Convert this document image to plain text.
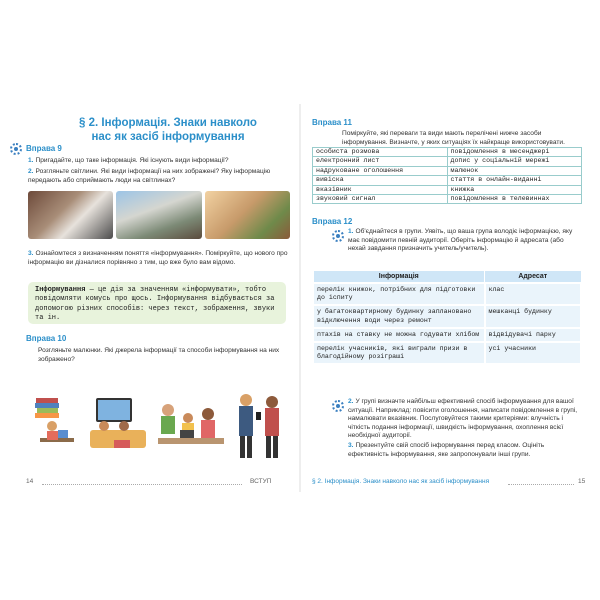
§ 2. Інформація. Знаки навколо нас як засіб інформування
Вправа 9
1. Пригадайте, що таке інформація. Які існують види інформації?
2. Розгляньте світлини. Які види інформації на них зображені? Яку інформацію передають або сприймають люди на світлинах?
3. Ознайомтеся з визначенням поняття «інформування». Поміркуйте, що нового про інформацію ви дізналися порівняно з тим, що вже було вам відомо.
Інформування — це дія за значенням «інформувати», тобто повідомляти комусь про щось. Інформування відбувається за допомогою різних способів: через текст, зображення, звуки та ін.
Вправа 10
Розгляньте малюнки. Які джерела інформації та способи інформування на них зображено?
14	ВСТУП
Вправа 11
Поміркуйте, які переваги та види мають перелічені нижче засоби інформування. Визначте, у яких ситуаціях їх найкраще використовувати.
особиста розмова	повідомлення в месенджері
електронний лист	допис у соціальній мережі
надруковане оголошення	малюнок
вивіска	стаття в онлайн-виданні
вказівник	книжка
звуковий сигнал	повідомлення в телевиннах
Вправа 12
1. Об'єднайтеся в групи. Уявіть, що ваша група володіє інформацією, яку має повідомити певній аудиторії. Оберіть інформацію й адресата (або нехай завдання призначить учитель/учитель).
Інформація	Адресат
перелік книжок, потрібних для підготовки до іспиту	клас
у багатоквартирному будинку заплановано відключення води через ремонт	мешканці будинку
птахів на ставку не можна годувати хлібом	відвідувачі парку
перелік учасників, які виграли призи в благодійному розіграші	усі учасники
2. У групі визначте найбільш ефективний спосіб інформування для вашої ситуації. Наприклад: повісити оголошення, написати повідомлення в групі, намалювати вказівник. Послуговуйтеся такими критеріями: влучність і чіткість подання інформації, швидкість інформування, охоплення всієї необхідної аудиторії.
3. Презентуйте свій спосіб інформування перед класом. Оцініть ефективність інформування, яке запропонували інші групи.
§ 2. Інформація. Знаки навколо нас як засіб інформування	15
